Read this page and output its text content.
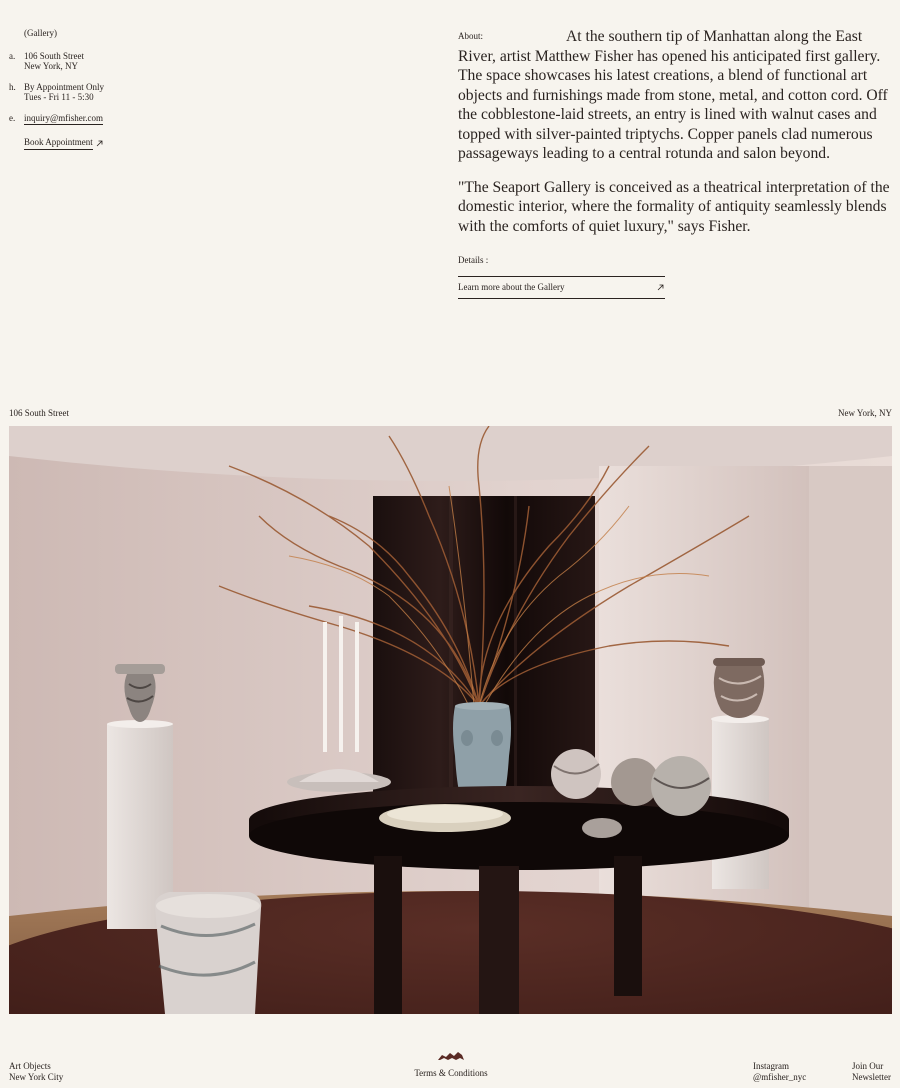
(Gallery)
a. 106 South Street
New York, NY
h. By Appointment Only
Tues - Fri 11 - 5:30
e. inquiry@mfisher.com
Book Appointment

About:	At the southern tip of Manhattan along the East River, artist Matthew Fisher has opened his anticipated first gallery. The space showcases his latest creations, a blend of functional art objects and furnishings made from stone, metal, and cotton cord. Off the cobblestone-laid streets, an entry is lined with walnut cases and topped with silver-painted triptychs. Copper panels clad numerous passageways leading to a central rotunda and salon beyond.

"The Seaport Gallery is conceived as a theatrical interpretation of the domestic interior, where the formality of antiquity seamlessly blends with the comforts of quiet luxury," says Fisher.

Details :
Learn more about the Gallery
106 South Street	New York, NY
Art Objects
New York City	Terms & Conditions
Instagram
@mfisher_nyc
Join Our
Newsletter
